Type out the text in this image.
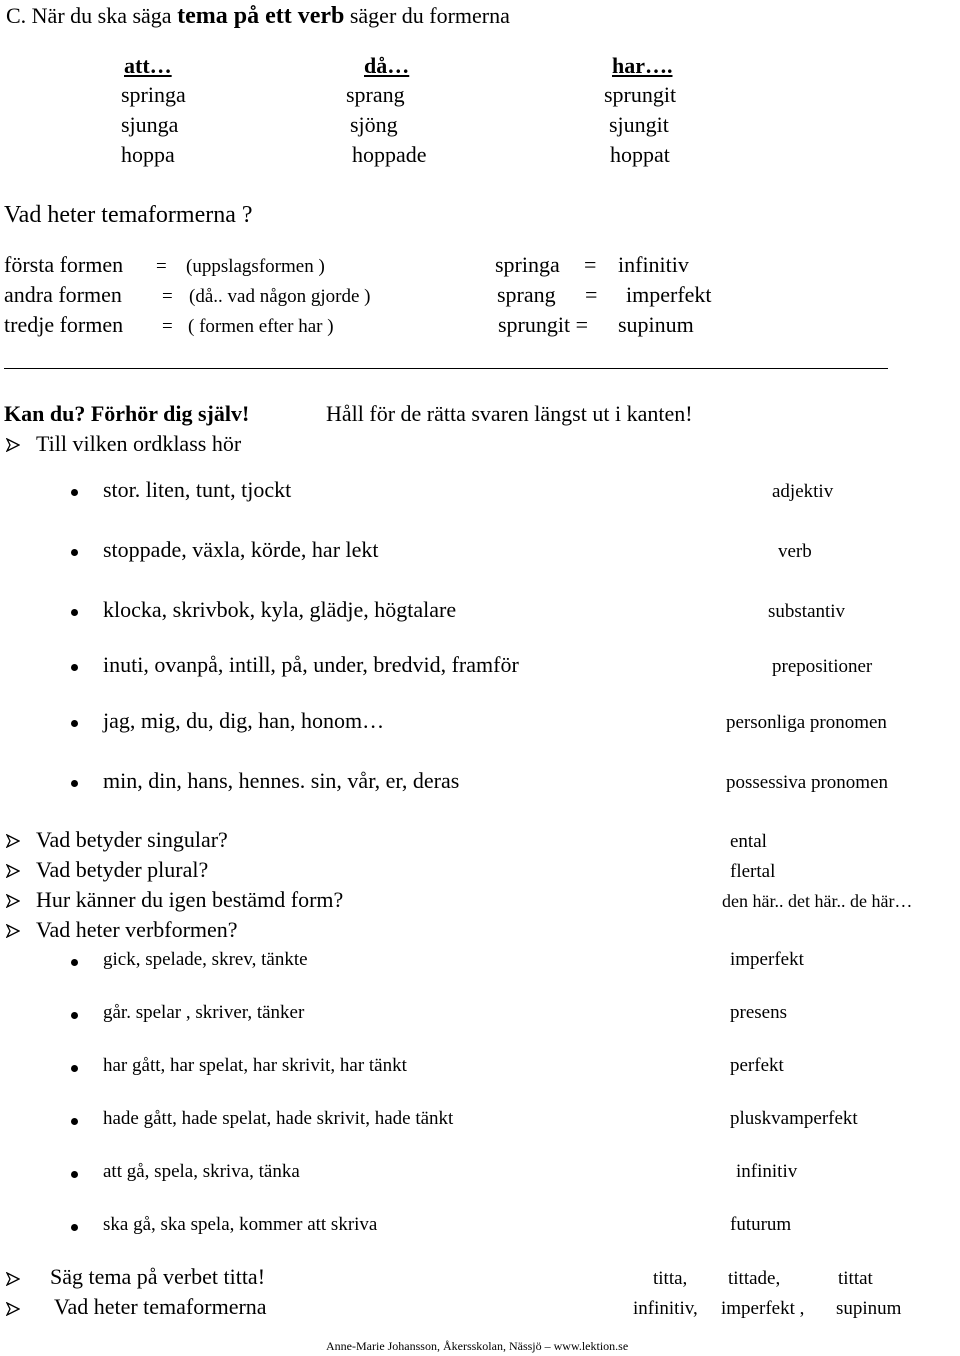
C. När du ska säga tema på ett verb säger du formerna
att…	då…	har….
springa	sprang	sprungit
sjunga	sjöng	sjungit
hoppa	hoppade	hoppat
Vad heter temaformerna ?
första formen = (uppslagsformen )	springa = infinitiv
andra formen = (då.. vad någon gjorde )	sprang = imperfekt
tredje formen = ( formen efter har )	sprungit = supinum
Kan du? Förhör dig själv!	Håll för de rätta svaren längst ut i kanten!
Till vilken ordklass hör
stor. liten, tunt, tjockt	adjektiv
stoppade, växla, körde, har lekt	verb
klocka, skrivbok, kyla, glädje, högtalare	substantiv
inuti, ovanpå, intill, på, under, bredvid, framför	prepositioner
jag, mig, du, dig, han, honom…	personliga pronomen
min, din, hans, hennes. sin, vår, er, deras	possessiva pronomen
Vad betyder singular?	ental
Vad betyder plural?	flertal
Hur känner du igen bestämd form?	den här.. det här.. de här…
Vad heter verbformen?
gick, spelade, skrev, tänkte	imperfekt
går. spelar , skriver, tänker	presens
har gått, har spelat, har skrivit, har tänkt	perfekt
hade gått, hade spelat, hade skrivit, hade tänkt	pluskvamperfekt
att gå, spela, skriva, tänka	infinitiv
ska gå, ska spela, kommer att skriva	futurum
Säg tema på verbet titta!	titta, tittade,	tittat
Vad heter temaformerna	infinitiv, imperfekt , supinum
Anne-Marie Johansson, Åkersskolan, Nässjö – www.lektion.se
